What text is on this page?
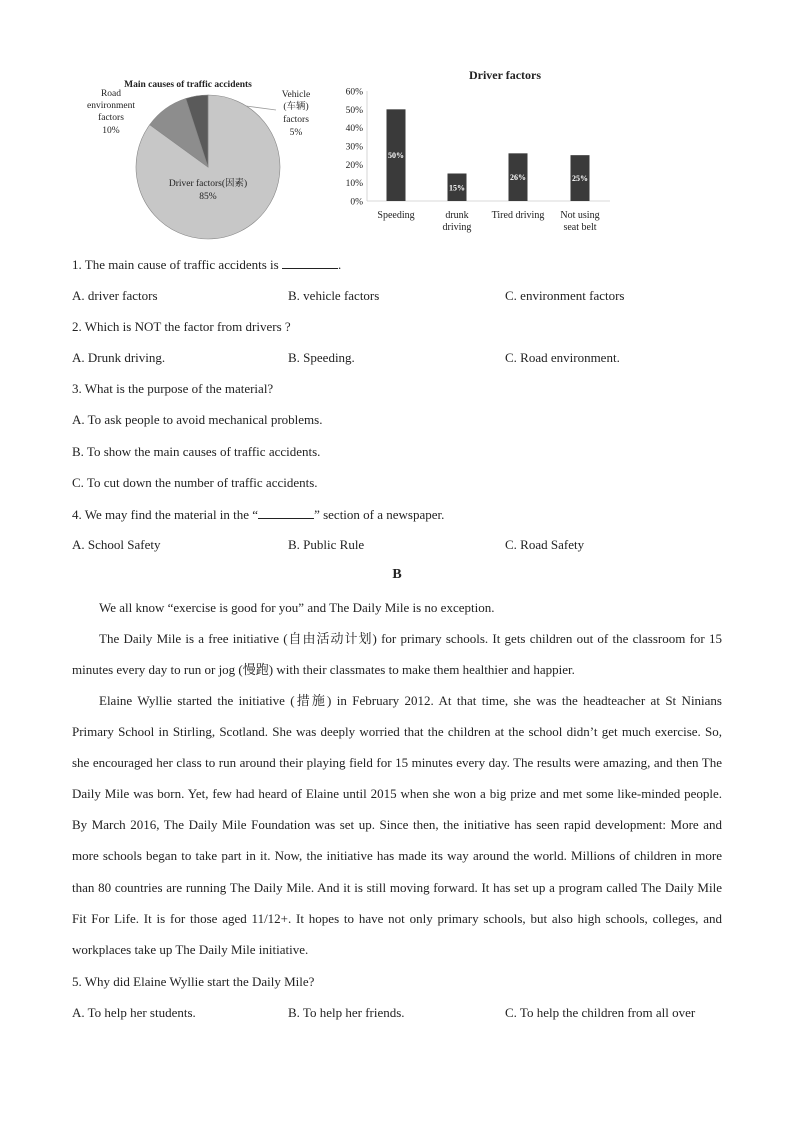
Main causes of traffic accidents
Driver factors(因素)
85%
Road
environment
factors
10%
Vehicle
(车辆)
factors
5%
Driver factors
0%
10%
20%
30%
40%
50%
60%
50%
15%
26%	25%
Speeding	drunk
driving
Tired driving Not using
seat belt
1. The main cause of traffic accidents is	.
A. driver factors	B. vehicle factors	C. environment factors
2. Which is NOT the factor from drivers ?
A. Drunk driving.	B. Speeding.	C. Road environment.
3. What is the purpose of the material?
A. To ask people to avoid mechanical problems.
B. To show the main causes of traffic accidents.
C. To cut down the number of traffic accidents.
4. We may find the material in the “	” section of a newspaper.
A. School Safety	B. Public Rule	C. Road Safety
B

We all know “exercise is good for you” and The Daily Mile is no exception.

The Daily Mile is a free initiative (自由活动计划) for primary schools. It gets children out of the classroom for 15 minutes every day to run or jog (慢跑) with their classmates to make them healthier and happier.

Elaine Wyllie started the initiative (措施) in February 2012. At that time, she was the headteacher at St Ninians Primary School in Stirling, Scotland. She was deeply worried that the children at the school didn’t get much exercise. So, she encouraged her class to run around their playing field for 15 minutes every day. The results were amazing, and then The Daily Mile was born. Yet, few had heard of Elaine until 2015 when she won a big prize and met some like-minded people. By March 2016, The Daily Mile Foundation was set up. Since then, the initiative has seen rapid development: More and more schools began to take part in it. Now, the initiative has made its way around the world. Millions of children in more than 80 countries are running The Daily Mile. And it is still moving forward. It has set up a program called The Daily Mile Fit For Life. It is for those aged 11/12+. It hopes to have not only primary schools, but also high schools, colleges, and workplaces take up The Daily Mile initiative.

5. Why did Elaine Wyllie start the Daily Mile?
A. To help her students.	B. To help her friends.	C. To help the children from all over
